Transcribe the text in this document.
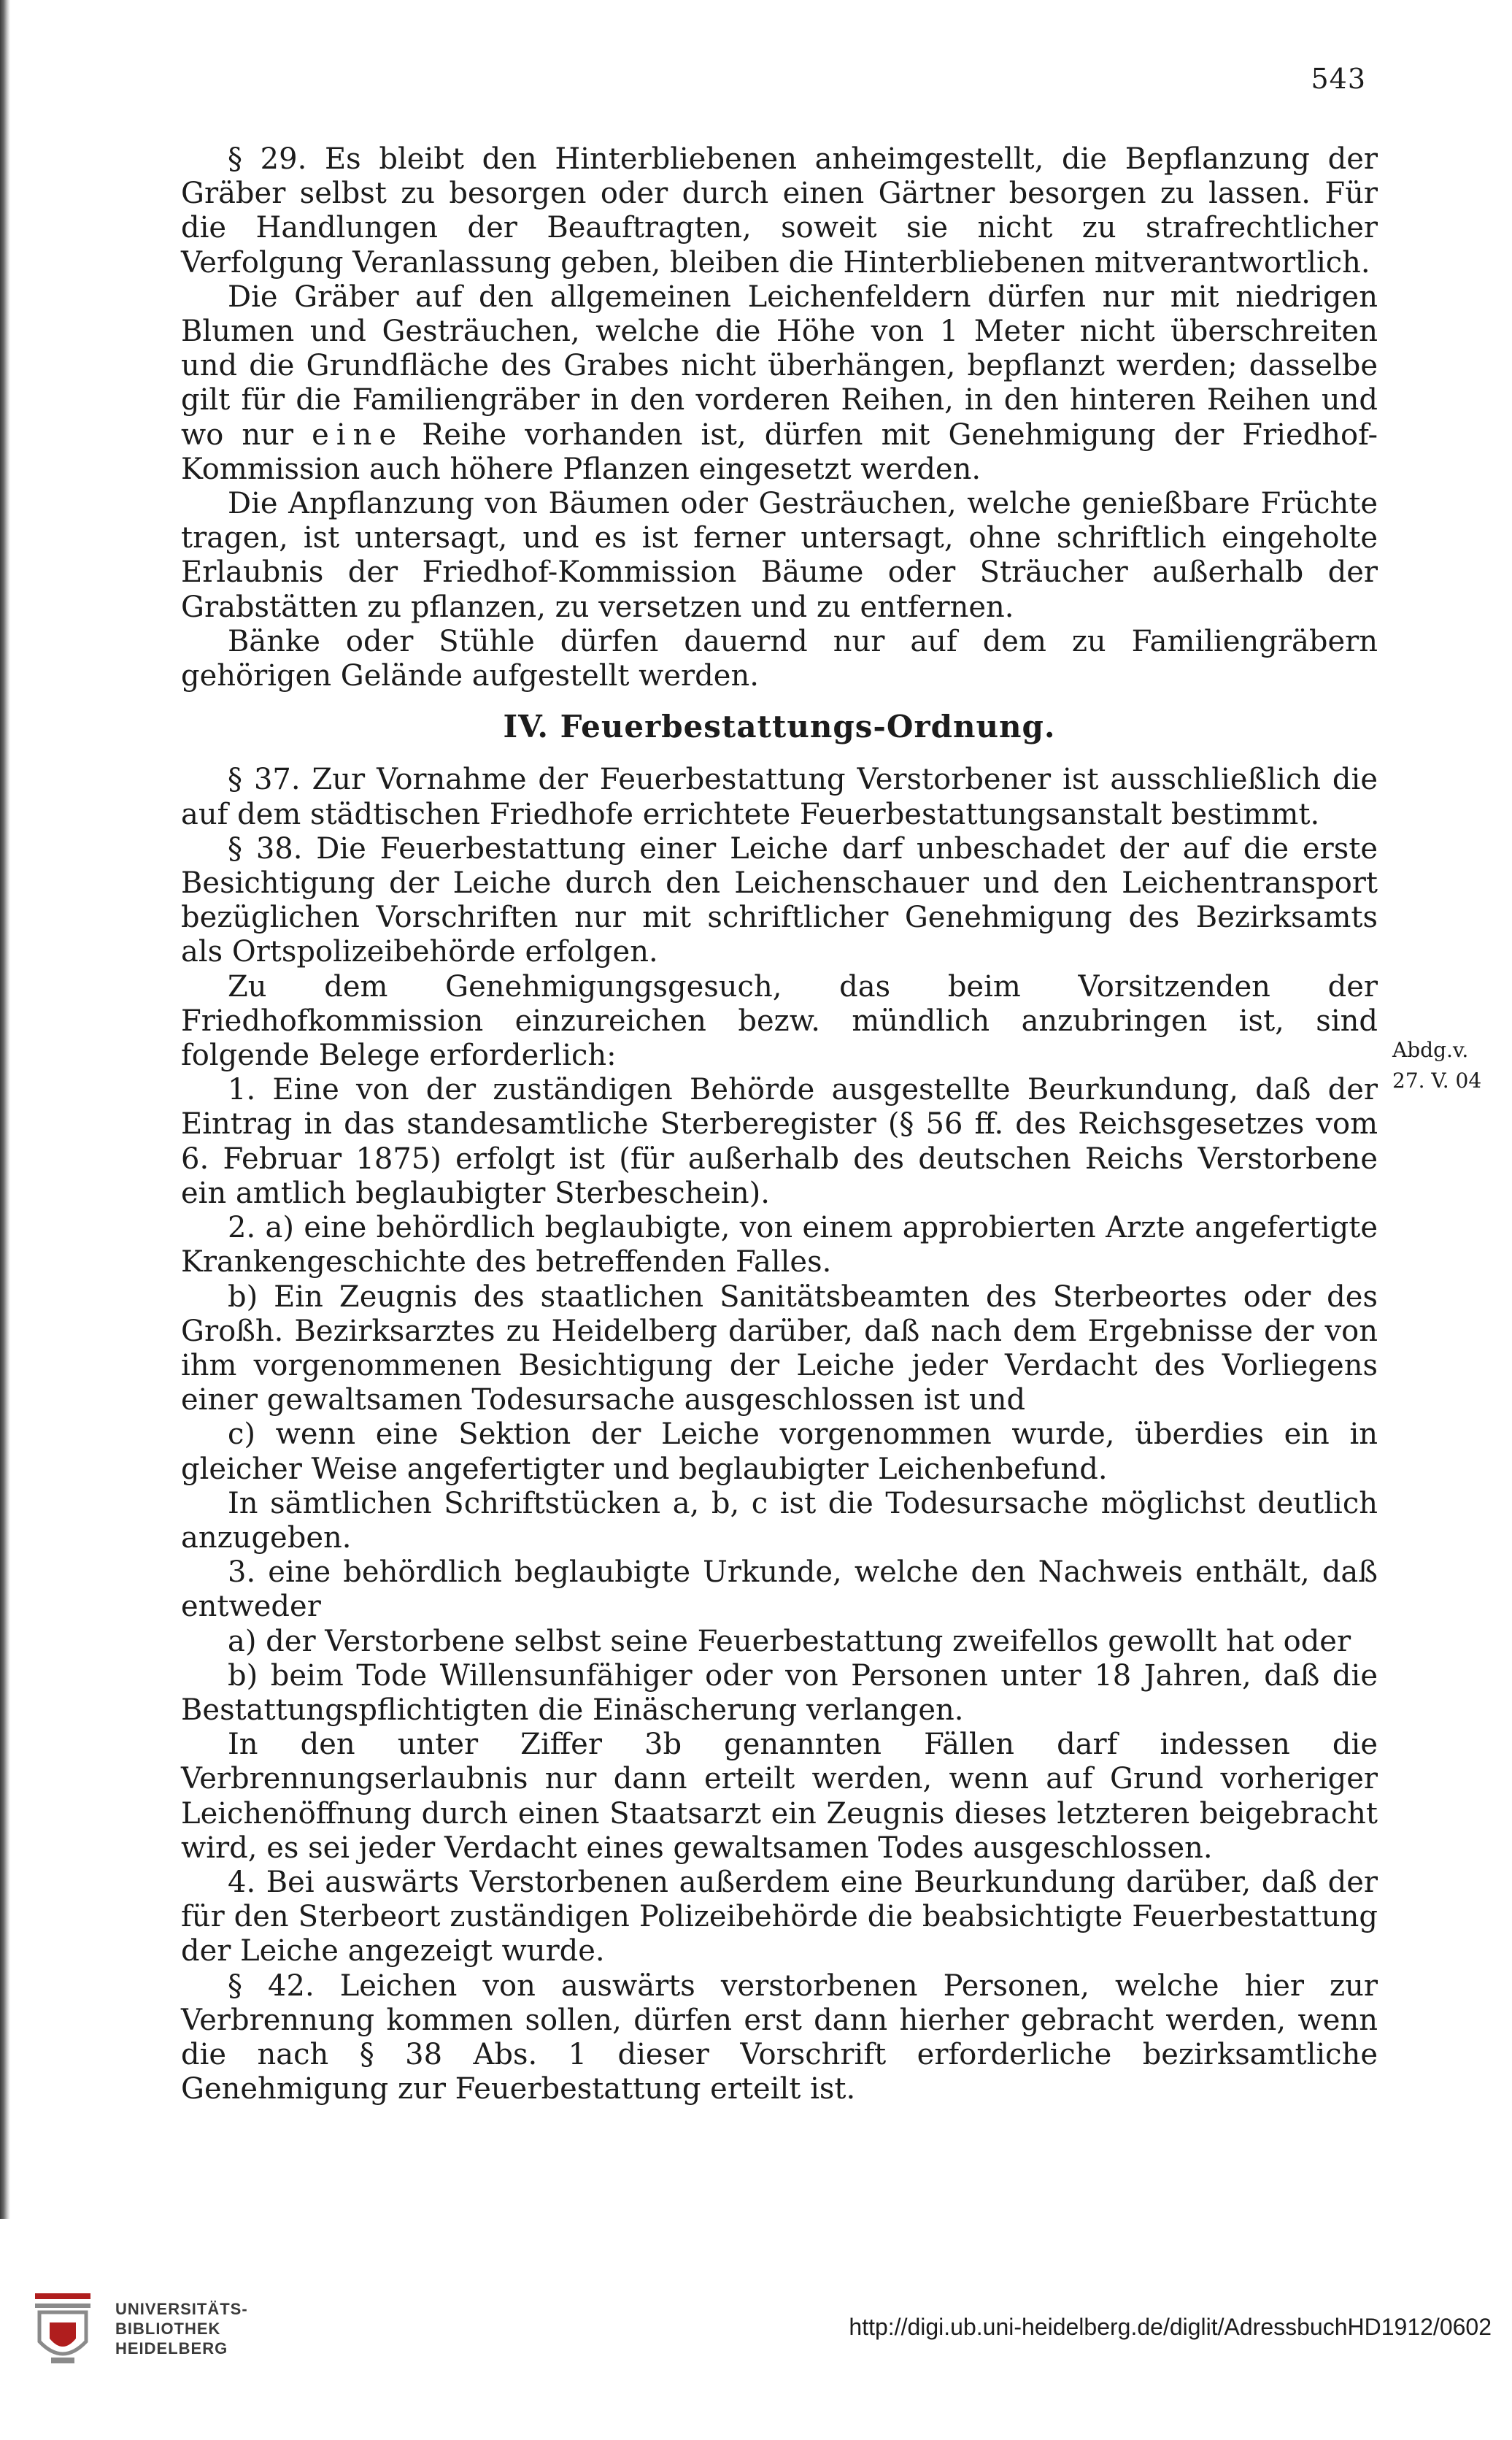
543

§ 29. Es bleibt den Hinterbliebenen anheimgestellt, die Bepflanzung der Gräber selbst zu besorgen oder durch einen Gärtner besorgen zu lassen. Für die Handlungen der Beauftragten, soweit sie nicht zu strafrechtlicher Verfolgung Veranlassung geben, bleiben die Hinterbliebenen mitverantwortlich.

Die Gräber auf den allgemeinen Leichenfeldern dürfen nur mit niedrigen Blumen und Gesträuchen, welche die Höhe von 1 Meter nicht überschreiten und die Grundfläche des Grabes nicht überhängen, bepflanzt werden; dasselbe gilt für die Familiengräber in den vorderen Reihen, in den hinteren Reihen und wo nur eine Reihe vorhanden ist, dürfen mit Genehmigung der Friedhof-Kommission auch höhere Pflanzen eingesetzt werden.

Die Anpflanzung von Bäumen oder Gesträuchen, welche genießbare Früchte tragen, ist untersagt, und es ist ferner untersagt, ohne schriftlich eingeholte Erlaubnis der Friedhof-Kommission Bäume oder Sträucher außerhalb der Grabstätten zu pflanzen, zu versetzen und zu entfernen.

Bänke oder Stühle dürfen dauernd nur auf dem zu Familiengräbern gehörigen Gelände aufgestellt werden.

IV. Feuerbestattungs-Ordnung.

§ 37. Zur Vornahme der Feuerbestattung Verstorbener ist ausschließlich die auf dem städtischen Friedhofe errichtete Feuerbestattungsanstalt bestimmt.

§ 38. Die Feuerbestattung einer Leiche darf unbeschadet der auf die erste Besichtigung der Leiche durch den Leichenschauer und den Leichentransport bezüglichen Vorschriften nur mit schriftlicher Genehmigung des Bezirksamts als Ortspolizeibehörde erfolgen.

Zu dem Genehmigungsgesuch, das beim Vorsitzenden der Friedhofkommission einzureichen bezw. mündlich anzubringen ist, sind folgende Belege erforderlich:

1. Eine von der zuständigen Behörde ausgestellte Beurkundung, daß der Eintrag in das standesamtliche Sterberegister (§ 56 ff. des Reichsgesetzes vom 6. Februar 1875) erfolgt ist (für außerhalb des deutschen Reichs Verstorbene ein amtlich beglaubigter Sterbeschein).

2. a) eine behördlich beglaubigte, von einem approbierten Arzte angefertigte Krankengeschichte des betreffenden Falles.

b) Ein Zeugnis des staatlichen Sanitätsbeamten des Sterbeortes oder des Großh. Bezirksarztes zu Heidelberg darüber, daß nach dem Ergebnisse der von ihm vorgenommenen Besichtigung der Leiche jeder Verdacht des Vorliegens einer gewaltsamen Todesursache ausgeschlossen ist und

c) wenn eine Sektion der Leiche vorgenommen wurde, überdies ein in gleicher Weise angefertigter und beglaubigter Leichenbefund.

In sämtlichen Schriftstücken a, b, c ist die Todesursache möglichst deutlich anzugeben.

3. eine behördlich beglaubigte Urkunde, welche den Nachweis enthält, daß entweder

a) der Verstorbene selbst seine Feuerbestattung zweifellos gewollt hat oder

b) beim Tode Willensunfähiger oder von Personen unter 18 Jahren, daß die Bestattungspflichtigten die Einäscherung verlangen.

In den unter Ziffer 3b genannten Fällen darf indessen die Verbrennungserlaubnis nur dann erteilt werden, wenn auf Grund vorheriger Leichenöffnung durch einen Staatsarzt ein Zeugnis dieses letzteren beigebracht wird, es sei jeder Verdacht eines gewaltsamen Todes ausgeschlossen.

4. Bei auswärts Verstorbenen außerdem eine Beurkundung darüber, daß der für den Sterbeort zuständigen Polizeibehörde die beabsichtigte Feuerbestattung der Leiche angezeigt wurde.

§ 42. Leichen von auswärts verstorbenen Personen, welche hier zur Verbrennung kommen sollen, dürfen erst dann hierher gebracht werden, wenn die nach § 38 Abs. 1 dieser Vorschrift erforderliche bezirksamtliche Genehmigung zur Feuerbestattung erteilt ist.

Abdg.v.
27. V. 04
UNIVERSITÄTS-
BIBLIOTHEK
HEIDELBERG
http://digi.ub.uni-heidelberg.de/diglit/AdressbuchHD1912/0602
